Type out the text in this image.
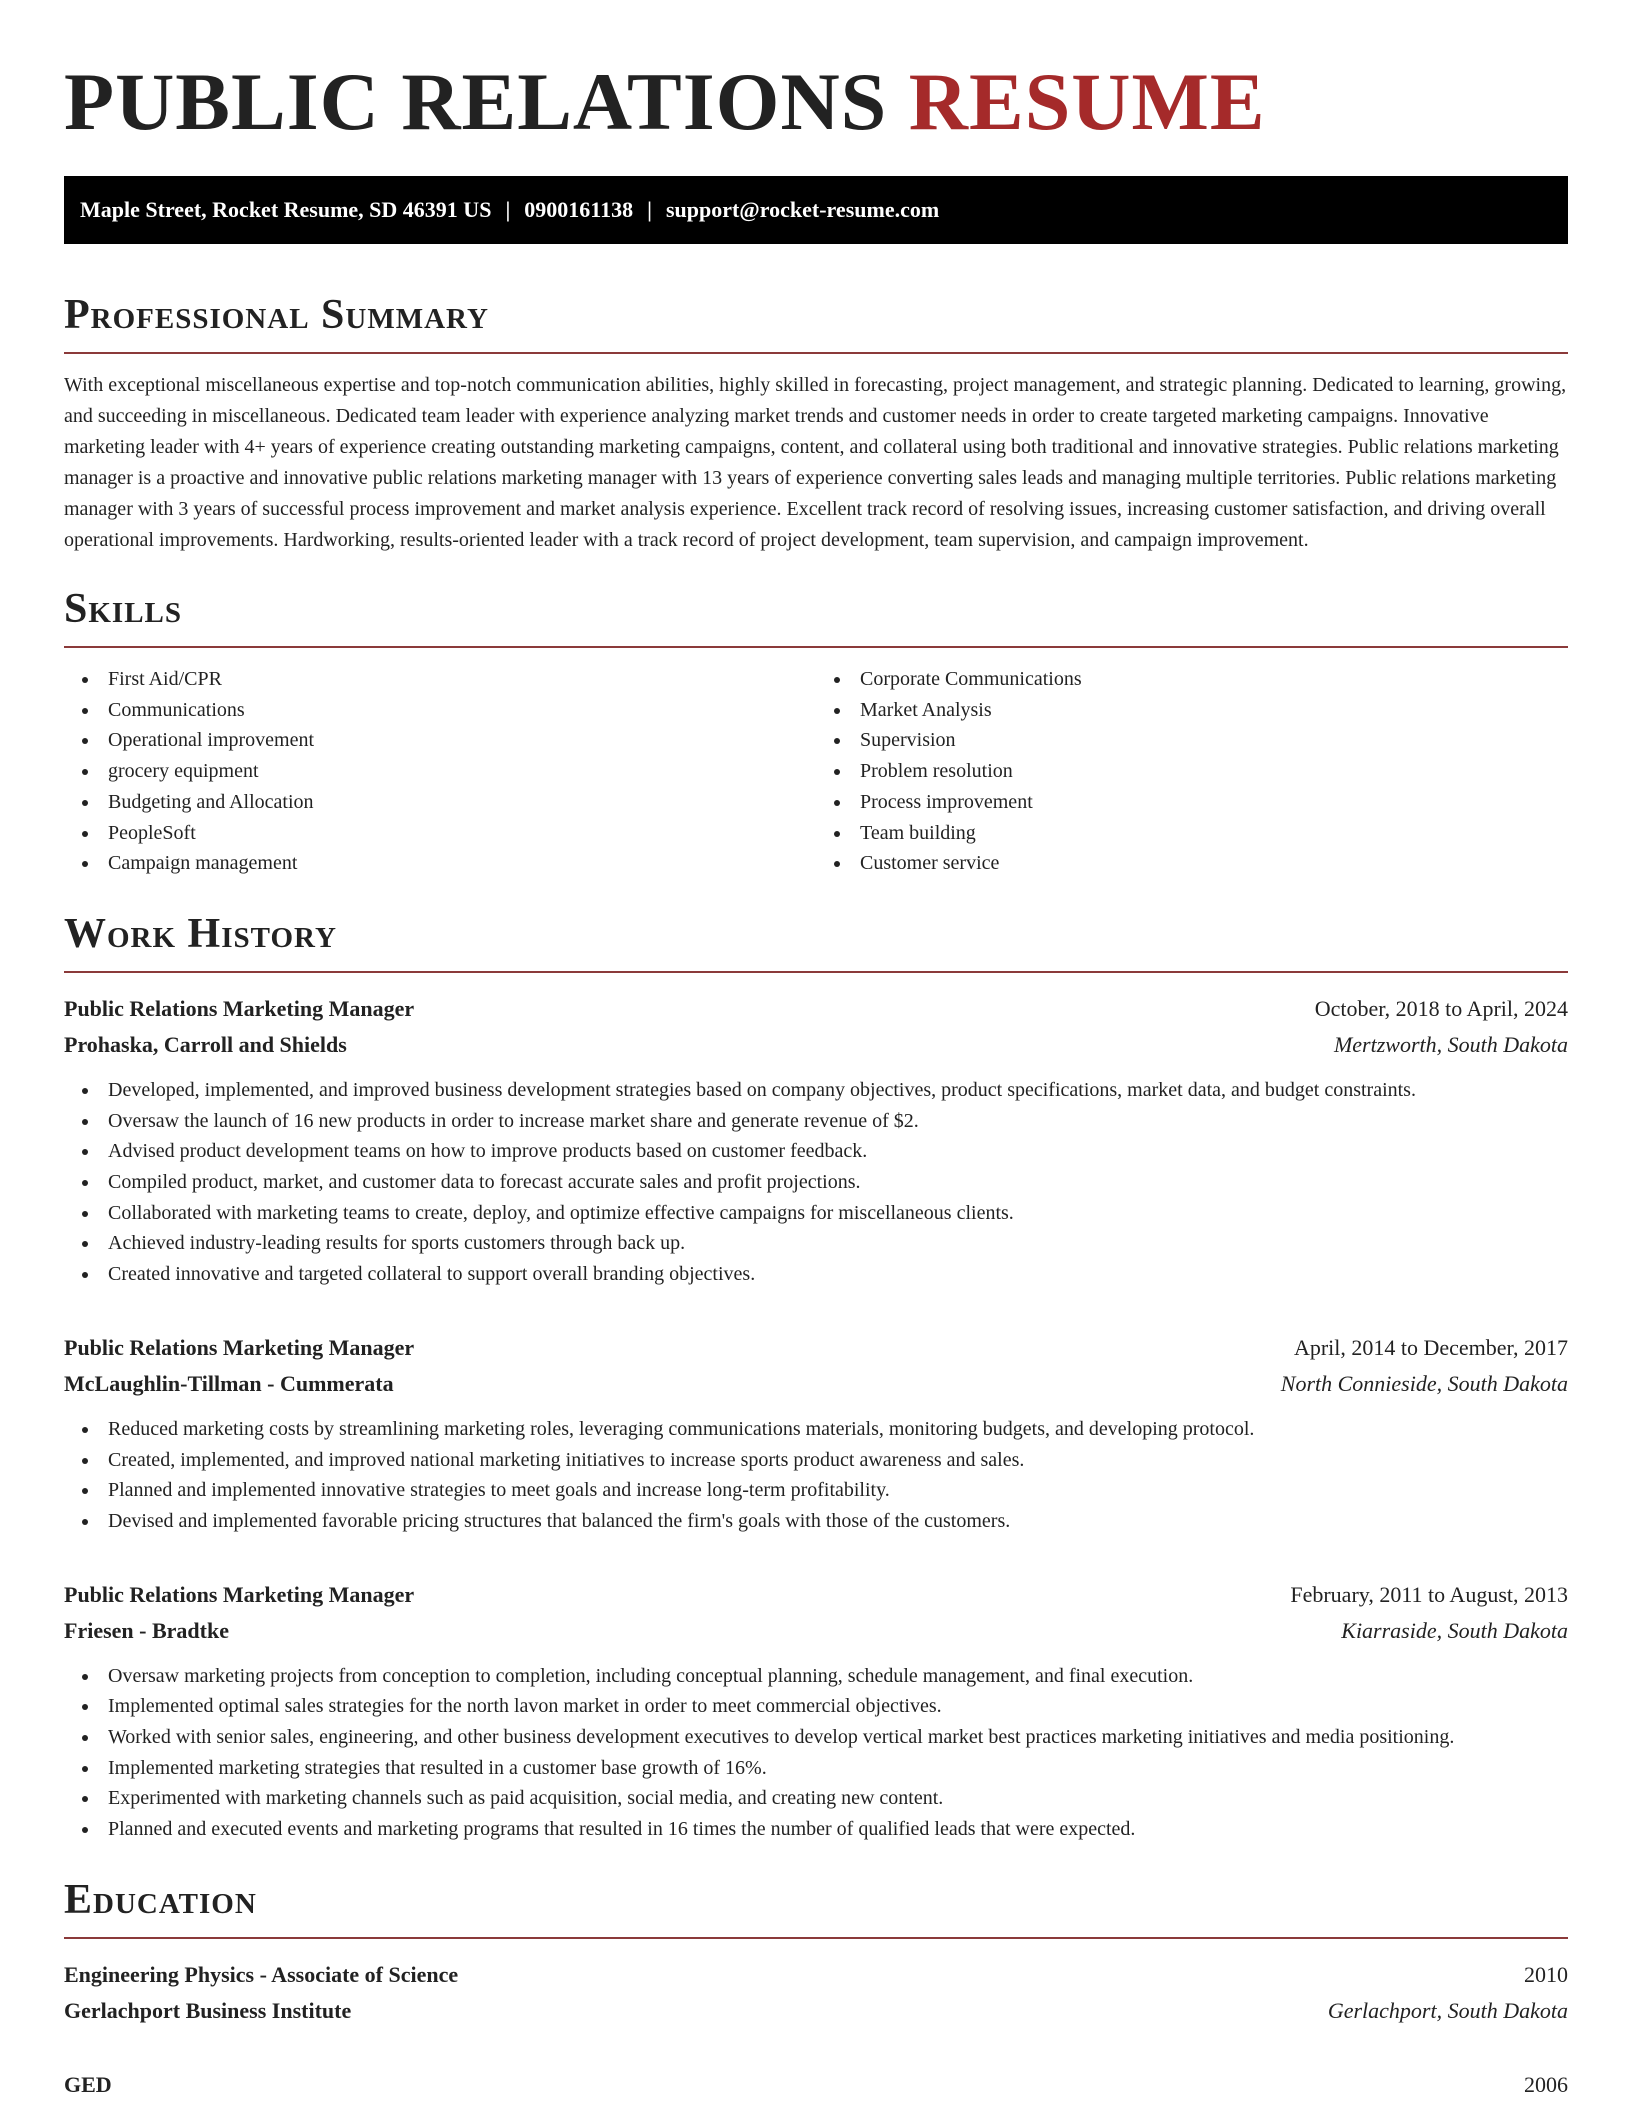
PUBLIC RELATIONS RESUME
Maple Street, Rocket Resume, SD 46391 US | 0900161138 | support@rocket-resume.com
Professional Summary

With exceptional miscellaneous expertise and top-notch communication abilities, highly skilled in forecasting, project management, and strategic planning. Dedicated to learning, growing, and succeeding in miscellaneous. Dedicated team leader with experience analyzing market trends and customer needs in order to create targeted marketing campaigns. Innovative marketing leader with 4+ years of experience creating outstanding marketing campaigns, content, and collateral using both traditional and innovative strategies. Public relations marketing manager is a proactive and innovative public relations marketing manager with 13 years of experience converting sales leads and managing multiple territories. Public relations marketing manager with 3 years of successful process improvement and market analysis experience. Excellent track record of resolving issues, increasing customer satisfaction, and driving overall operational improvements. Hardworking, results-oriented leader with a track record of project development, team supervision, and campaign improvement.

Skills
First Aid/CPR
Communications
Operational improvement
grocery equipment
Budgeting and Allocation
PeopleSoft
Campaign management
Corporate Communications
Market Analysis
Supervision
Problem resolution
Process improvement
Team building
Customer service
Work History
Public Relations Marketing Manager	October, 2018 to April, 2024
Prohaska, Carroll and Shields	Mertzworth, South Dakota
Developed, implemented, and improved business development strategies based on company objectives, product specifications, market data, and budget constraints.
Oversaw the launch of 16 new products in order to increase market share and generate revenue of $2.
Advised product development teams on how to improve products based on customer feedback.
Compiled product, market, and customer data to forecast accurate sales and profit projections.
Collaborated with marketing teams to create, deploy, and optimize effective campaigns for miscellaneous clients.
Achieved industry-leading results for sports customers through back up.
Created innovative and targeted collateral to support overall branding objectives.
Public Relations Marketing Manager	April, 2014 to December, 2017
McLaughlin-Tillman - Cummerata	North Connieside, South Dakota
Reduced marketing costs by streamlining marketing roles, leveraging communications materials, monitoring budgets, and developing protocol.
Created, implemented, and improved national marketing initiatives to increase sports product awareness and sales.
Planned and implemented innovative strategies to meet goals and increase long-term profitability.
Devised and implemented favorable pricing structures that balanced the firm's goals with those of the customers.
Public Relations Marketing Manager	February, 2011 to August, 2013
Friesen - Bradtke	Kiarraside, South Dakota
Oversaw marketing projects from conception to completion, including conceptual planning, schedule management, and final execution.
Implemented optimal sales strategies for the north lavon market in order to meet commercial objectives.
Worked with senior sales, engineering, and other business development executives to develop vertical market best practices marketing initiatives and media positioning.
Implemented marketing strategies that resulted in a customer base growth of 16%.
Experimented with marketing channels such as paid acquisition, social media, and creating new content.
Planned and executed events and marketing programs that resulted in 16 times the number of qualified leads that were expected.
Education
Engineering Physics - Associate of Science	2010
Gerlachport Business Institute	Gerlachport, South Dakota
GED	2006
